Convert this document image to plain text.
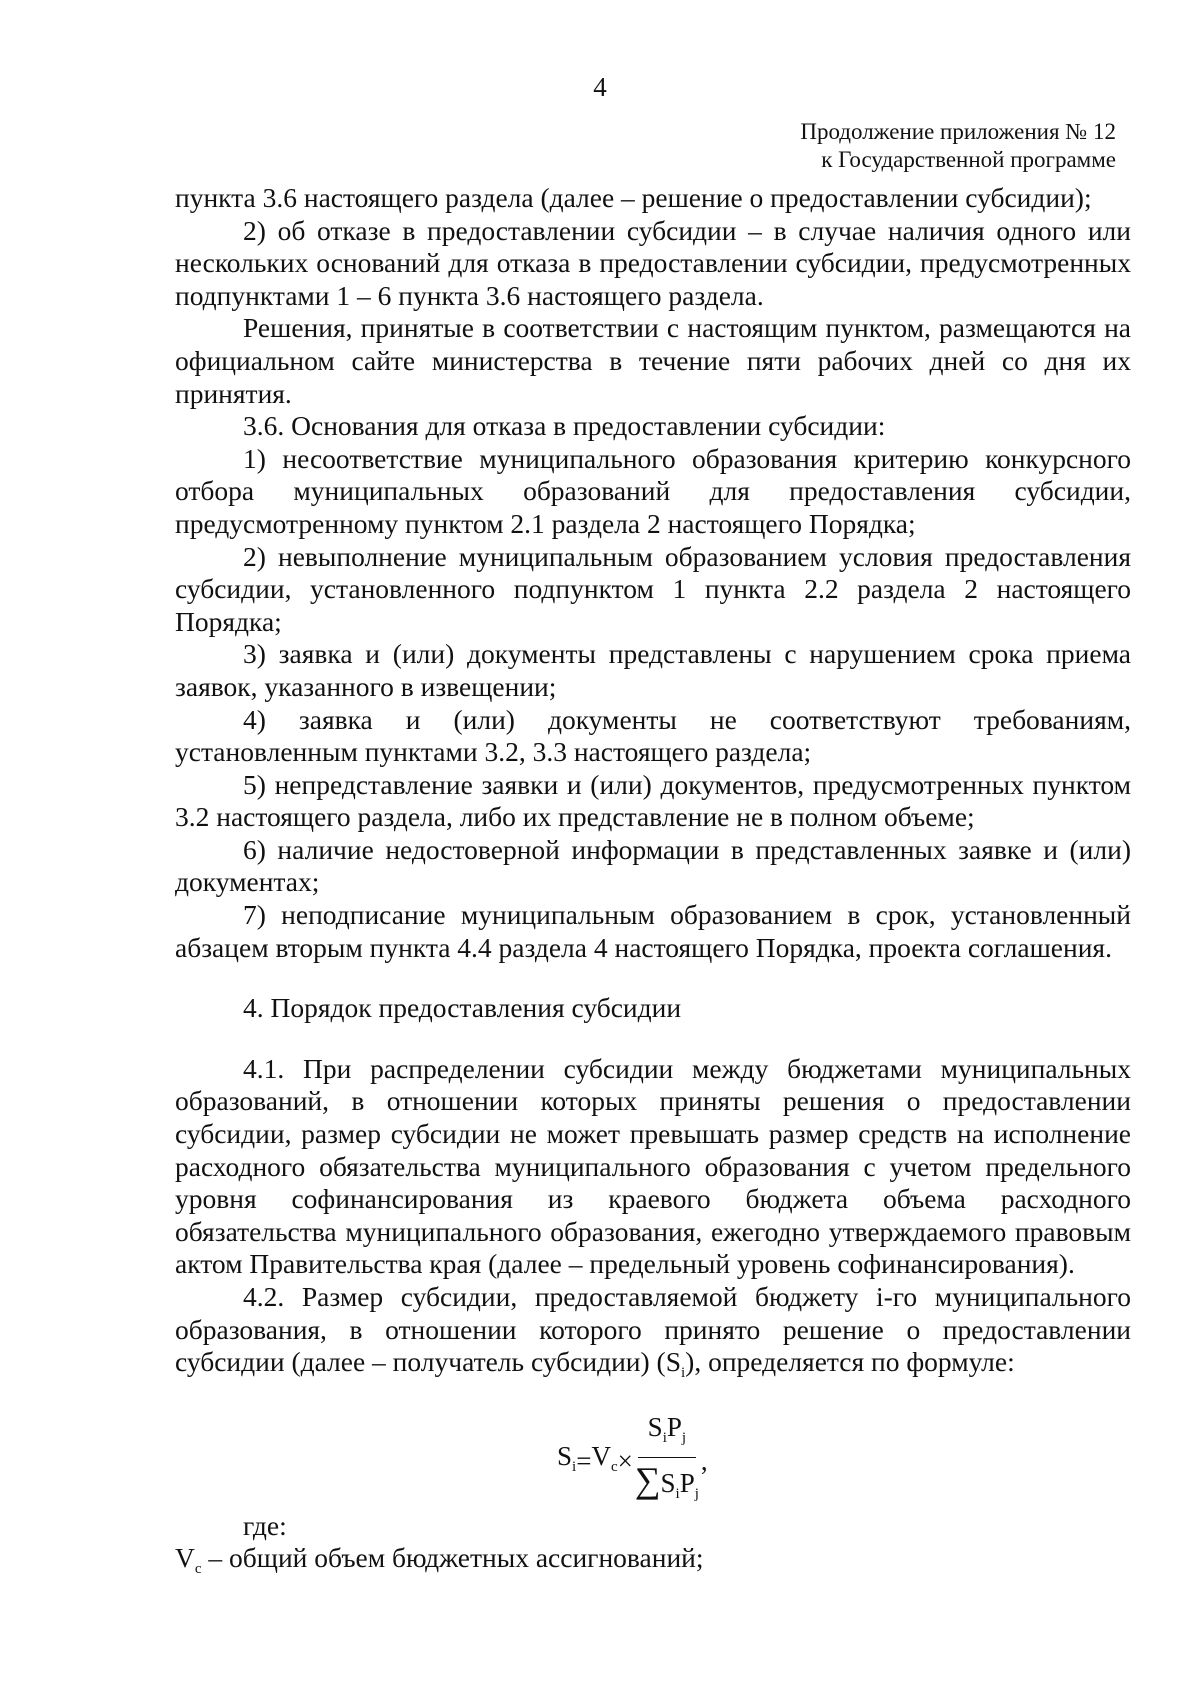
4
Продолжение приложения № 12
к Государственной программе

пункта 3.6 настоящего раздела (далее – решение о предоставлении субсидии);

2) об отказе в предоставлении субсидии – в случае наличия одного или нескольких оснований для отказа в предоставлении субсидии, предусмотренных подпунктами 1 – 6 пункта 3.6 настоящего раздела.

Решения, принятые в соответствии с настоящим пунктом, размещаются на официальном сайте министерства в течение пяти рабочих дней со дня их принятия.

3.6. Основания для отказа в предоставлении субсидии:

1) несоответствие муниципального образования критерию конкурсного отбора муниципальных образований для предоставления субсидии, предусмотренному пунктом 2.1 раздела 2 настоящего Порядка;

2) невыполнение муниципальным образованием условия предоставления субсидии, установленного подпунктом 1 пункта 2.2 раздела 2 настоящего Порядка;

3) заявка и (или) документы представлены с нарушением срока приема заявок, указанного в извещении;

4) заявка и (или) документы не соответствуют требованиям, установленным пунктами 3.2, 3.3 настоящего раздела;

5) непредставление заявки и (или) документов, предусмотренных пунктом 3.2 настоящего раздела, либо их представление не в полном объеме;

6) наличие недостоверной информации в представленных заявке и (или) документах;

7) неподписание муниципальным образованием в срок, установленный абзацем вторым пункта 4.4 раздела 4 настоящего Порядка, проекта соглашения.

4. Порядок предоставления субсидии

4.1. При распределении субсидии между бюджетами муниципальных образований, в отношении которых приняты решения о предоставлении субсидии, размер субсидии не может превышать размер средств на исполнение расходного обязательства муниципального образования с учетом предельного уровня софинансирования из краевого бюджета объема расходного обязательства муниципального образования, ежегодно утверждаемого правовым актом Правительства края (далее – предельный уровень софинансирования).

4.2. Размер субсидии, предоставляемой бюджету i-го муниципального образования, в отношении которого принято решение о предоставлении субсидии (далее – получатель субсидии) $(S_i)$, определяется по формуле:

$S_i = V_c \times \frac{S_iP_j}{\sum S_iP_j}$ ,

где:

$V_c$ – общий объем бюджетных ассигнований;
